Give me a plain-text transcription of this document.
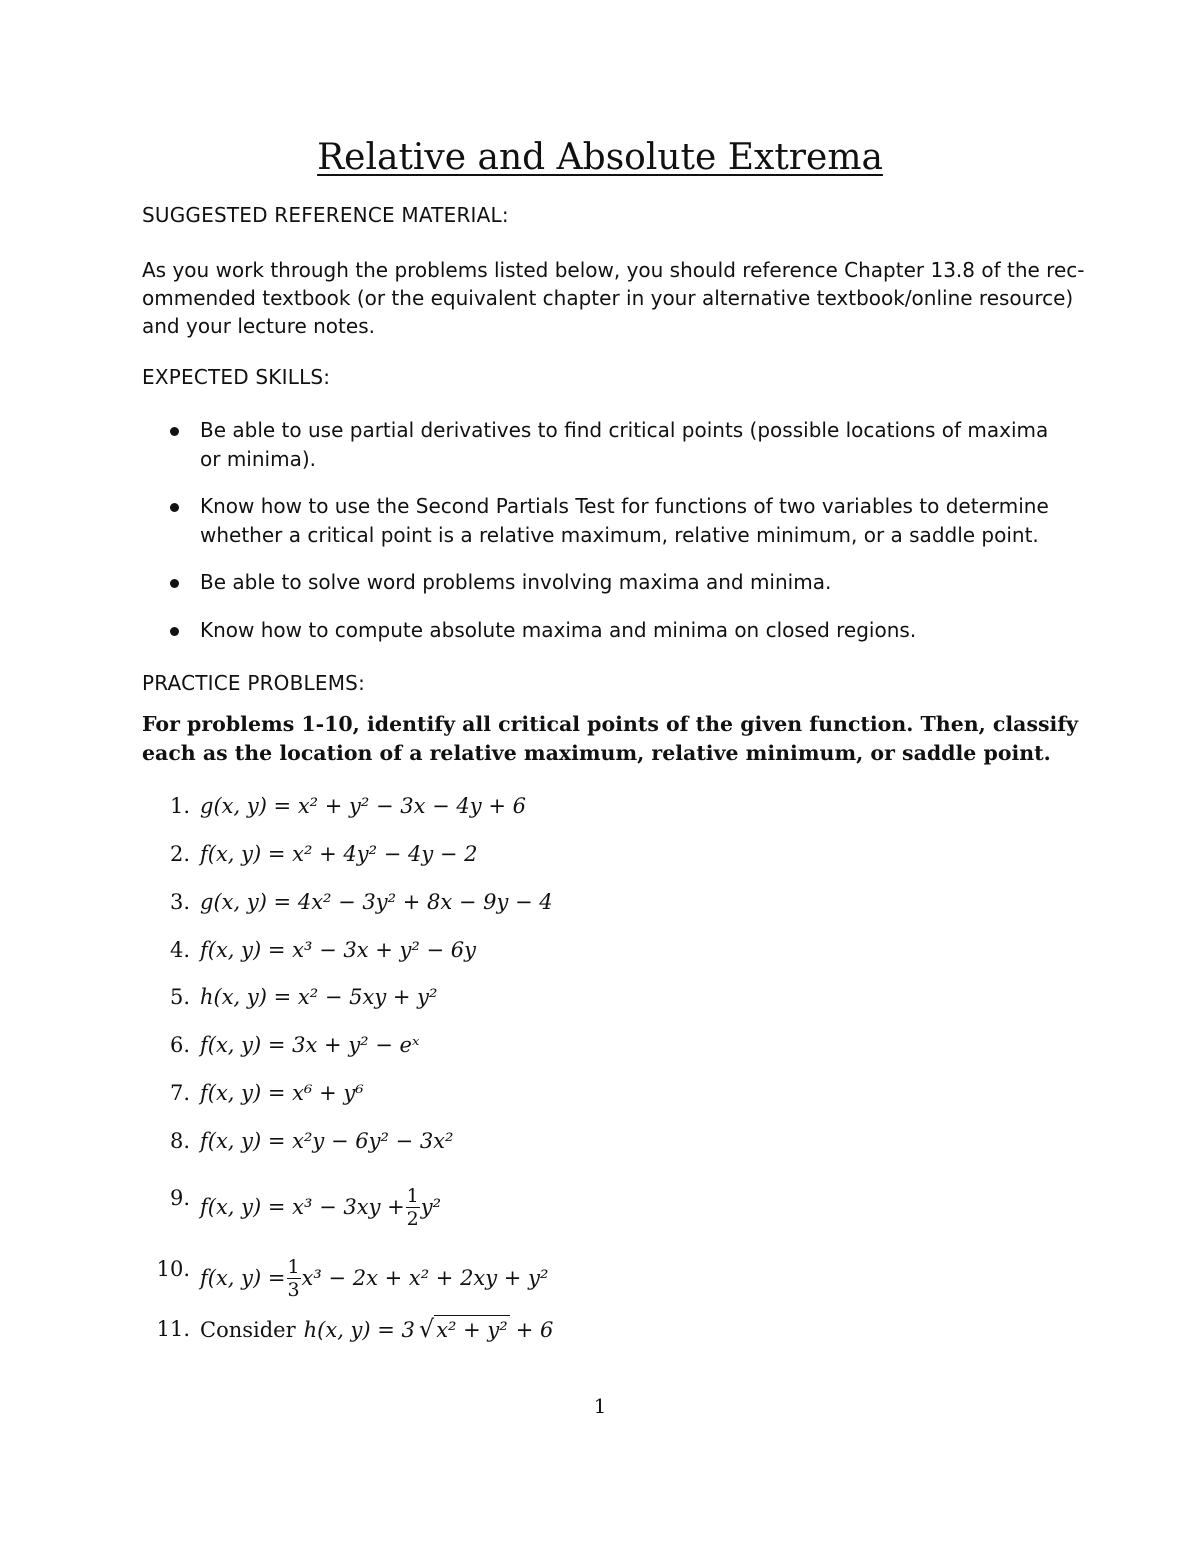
Relative and Absolute Extrema
SUGGESTED REFERENCE MATERIAL:
As you work through the problems listed below, you should reference Chapter 13.8 of the rec-
ommended textbook (or the equivalent chapter in your alternative textbook/online resource)
and your lecture notes.
EXPECTED SKILLS:
Be able to use partial derivatives to find critical points (possible locations of maxima
or minima).
Know how to use the Second Partials Test for functions of two variables to determine
whether a critical point is a relative maximum, relative minimum, or a saddle point.
Be able to solve word problems involving maxima and minima.
Know how to compute absolute maxima and minima on closed regions.
PRACTICE PROBLEMS:
For problems 1-10, identify all critical points of the given function. Then, classify
each as the location of a relative maximum, relative minimum, or saddle point.
1. g(x, y) = x² + y² − 3x − 4y + 6
2. f(x, y) = x² + 4y² − 4y − 2
3. g(x, y) = 4x² − 3y² + 8x − 9y − 4
4. f(x, y) = x³ − 3x + y² − 6y
5. h(x, y) = x² − 5xy + y²
6. f(x, y) = 3x + y² − eˣ
7. f(x, y) = x⁶ + y⁶
8. f(x, y) = x²y − 6y² − 3x²
9. f(x, y) = x³ − 3xy + 1
2
y²
10. f(x, y) = 1
3
x³ − 2x + x² + 2xy + y²
11. Consider h(x, y) = 3 √ x² + y² + 6
1
